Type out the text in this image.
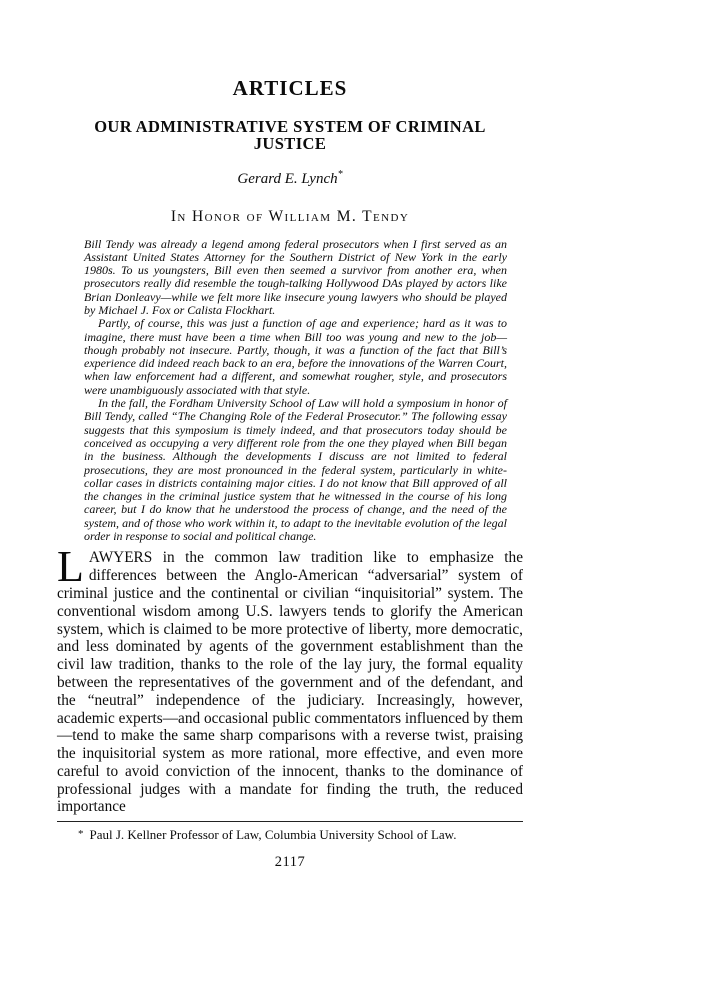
ARTICLES
OUR ADMINISTRATIVE SYSTEM OF CRIMINAL JUSTICE
Gerard E. Lynch*
In Honor of William M. Tendy

Bill Tendy was already a legend among federal prosecutors when I first served as an Assistant United States Attorney for the Southern District of New York in the early 1980s. To us youngsters, Bill even then seemed a survivor from another era, when prosecutors really did resemble the tough-talking Hollywood DAs played by actors like Brian Donleavy—while we felt more like insecure young lawyers who should be played by Michael J. Fox or Calista Flockhart.

Partly, of course, this was just a function of age and experience; hard as it was to imagine, there must have been a time when Bill too was young and new to the job—though probably not insecure. Partly, though, it was a function of the fact that Bill’s experience did indeed reach back to an era, before the innovations of the Warren Court, when law enforcement had a different, and somewhat rougher, style, and prosecutors were unambiguously associated with that style.

In the fall, the Fordham University School of Law will hold a symposium in honor of Bill Tendy, called “The Changing Role of the Federal Prosecutor.” The following essay suggests that this symposium is timely indeed, and that prosecutors today should be conceived as occupying a very different role from the one they played when Bill began in the business. Although the developments I discuss are not limited to federal prosecutions, they are most pronounced in the federal system, particularly in white-collar cases in districts containing major cities. I do not know that Bill approved of all the changes in the criminal justice system that he witnessed in the course of his long career, but I do know that he understood the process of change, and the need of the system, and of those who work within it, to adapt to the inevitable evolution of the legal order in response to social and political change.

LAWYERS in the common law tradition like to emphasize the differences between the Anglo-American “adversarial” system of criminal justice and the continental or civilian “inquisitorial” system. The conventional wisdom among U.S. lawyers tends to glorify the American system, which is claimed to be more protective of liberty, more democratic, and less dominated by agents of the government establishment than the civil law tradition, thanks to the role of the lay jury, the formal equality between the representatives of the government and of the defendant, and the “neutral” independence of the judiciary. Increasingly, however, academic experts—and occasional public commentators influenced by them—tend to make the same sharp comparisons with a reverse twist, praising the inquisitorial system as more rational, more effective, and even more careful to avoid conviction of the innocent, thanks to the dominance of professional judges with a mandate for finding the truth, the reduced importance

* Paul J. Kellner Professor of Law, Columbia University School of Law.

2117
